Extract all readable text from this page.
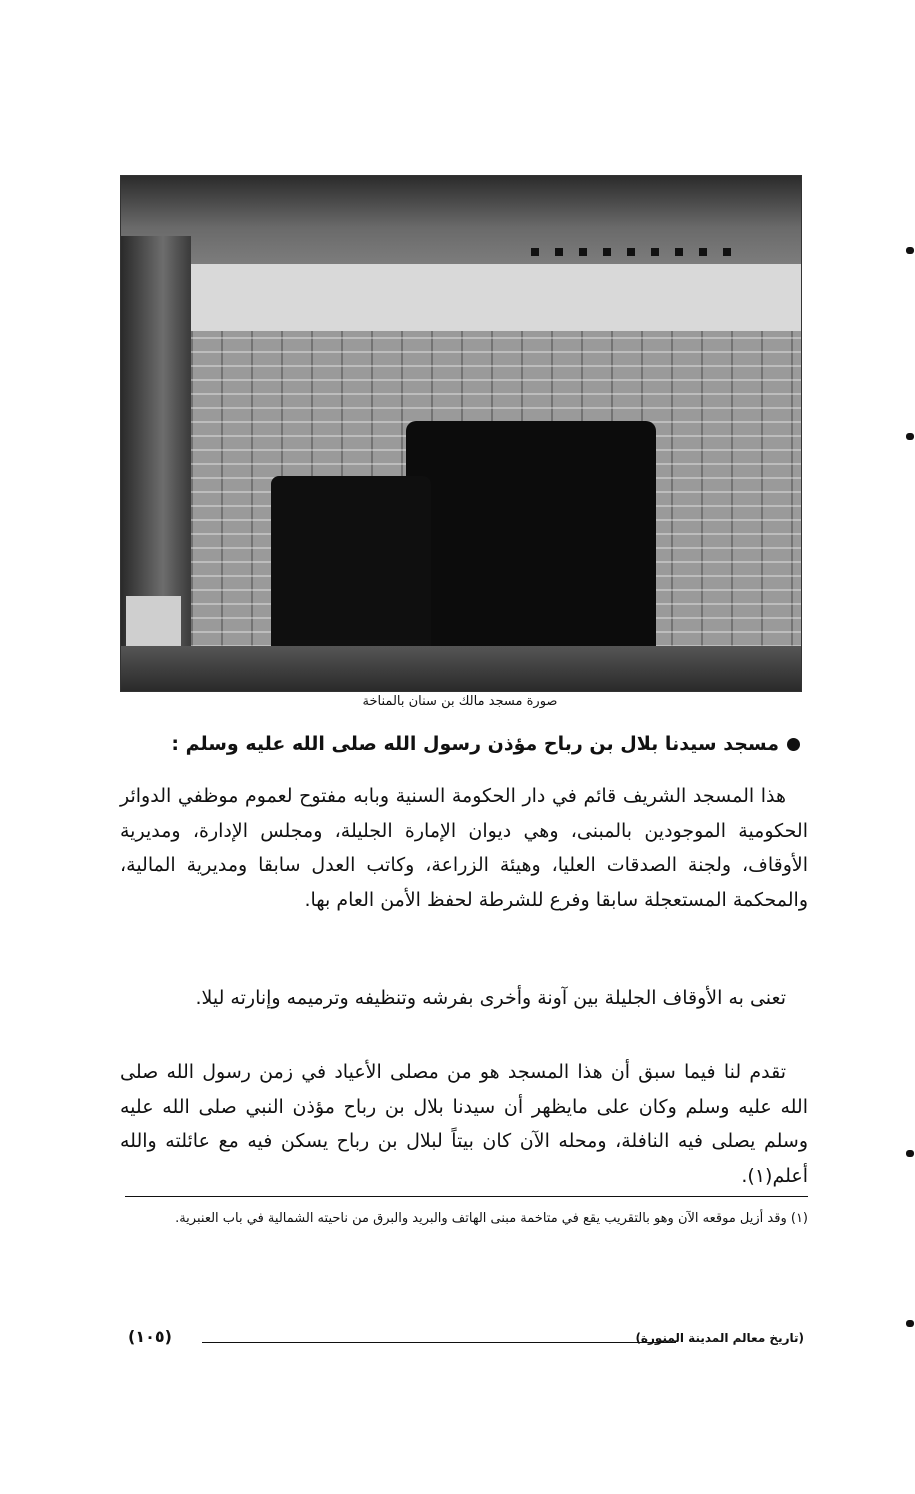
صورة مسجد مالك بن سنان بالمناخة
مسجد سيدنا بلال بن رباح مؤذن رسول الله صلى الله عليه وسلم :

هذا المسجد الشريف قائم في دار الحكومة السنية وبابه مفتوح لعموم موظفي الدوائر الحكومية الموجودين بالمبنى، وهي ديوان الإمارة الجليلة، ومجلس الإدارة، ومديرية الأوقاف، ولجنة الصدقات العليا، وهيئة الزراعة، وكاتب العدل سابقا ومديرية المالية، والمحكمة المستعجلة سابقا وفرع للشرطة لحفظ الأمن العام بها.

تعنى به الأوقاف الجليلة بين آونة وأخرى بفرشه وتنظيفه وترميمه وإنارته ليلا.

تقدم لنا فيما سبق أن هذا المسجد هو من مصلى الأعياد في زمن رسول الله صلى الله عليه وسلم وكان على مايظهر أن سيدنا بلال بن رباح مؤذن النبي صلى الله عليه وسلم يصلى فيه النافلة، ومحله الآن كان بيتاً لبلال بن رباح يسكن فيه مع عائلته والله أعلم(١).

(١) وقد أزيل موقعه الآن وهو بالتقريب يقع في متاخمة مبنى الهاتف والبريد والبرق من ناحيته الشمالية في باب العنبرية.
(تاريخ معالم المدينة المنورة)
(١٠٥)
